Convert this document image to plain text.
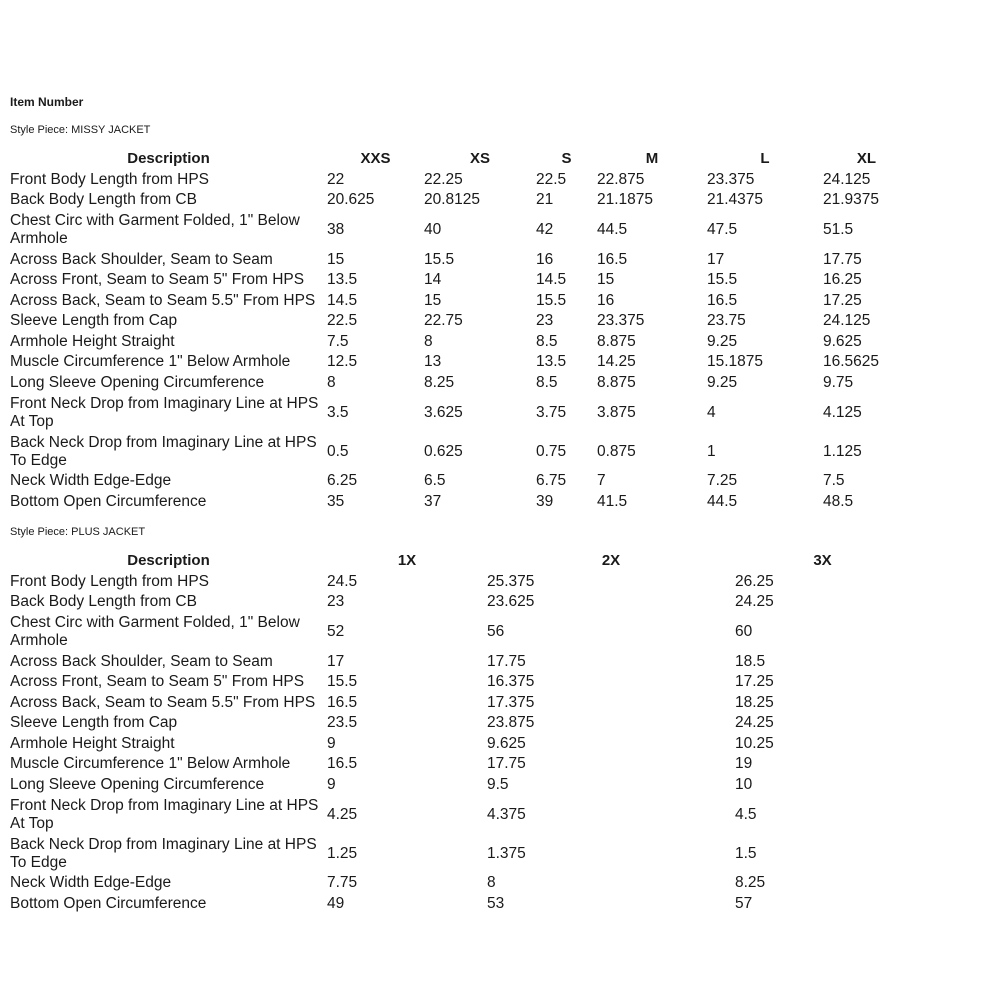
Item Number
Style Piece: MISSY JACKET
Description	XXS	XS	S	M	L	XL
Front Body Length from HPS	22	22.25	22.5	22.875	23.375	24.125
Back Body Length from CB	20.625	20.8125	21	21.1875	21.4375	21.9375
Chest Circ with Garment Folded, 1" Below Armhole	38	40	42	44.5	47.5	51.5
Across Back Shoulder, Seam to Seam	15	15.5	16	16.5	17	17.75
Across Front, Seam to Seam 5" From HPS	13.5	14	14.5	15	15.5	16.25
Across Back, Seam to Seam 5.5" From HPS	14.5	15	15.5	16	16.5	17.25
Sleeve Length from Cap	22.5	22.75	23	23.375	23.75	24.125
Armhole Height Straight	7.5	8	8.5	8.875	9.25	9.625
Muscle Circumference 1" Below Armhole	12.5	13	13.5	14.25	15.1875	16.5625
Long Sleeve Opening Circumference	8	8.25	8.5	8.875	9.25	9.75
Front Neck Drop from Imaginary Line at HPS At Top	3.5	3.625	3.75	3.875	4	4.125
Back Neck Drop from Imaginary Line at HPS To Edge	0.5	0.625	0.75	0.875	1	1.125
Neck Width Edge-Edge	6.25	6.5	6.75	7	7.25	7.5
Bottom Open Circumference	35	37	39	41.5	44.5	48.5
Style Piece: PLUS JACKET
Description	1X	2X	3X
Front Body Length from HPS	24.5	25.375	26.25
Back Body Length from CB	23	23.625	24.25
Chest Circ with Garment Folded, 1" Below Armhole	52	56	60
Across Back Shoulder, Seam to Seam	17	17.75	18.5
Across Front, Seam to Seam 5" From HPS	15.5	16.375	17.25
Across Back, Seam to Seam 5.5" From HPS	16.5	17.375	18.25
Sleeve Length from Cap	23.5	23.875	24.25
Armhole Height Straight	9	9.625	10.25
Muscle Circumference 1" Below Armhole	16.5	17.75	19
Long Sleeve Opening Circumference	9	9.5	10
Front Neck Drop from Imaginary Line at HPS At Top	4.25	4.375	4.5
Back Neck Drop from Imaginary Line at HPS To Edge	1.25	1.375	1.5
Neck Width Edge-Edge	7.75	8	8.25
Bottom Open Circumference	49	53	57
